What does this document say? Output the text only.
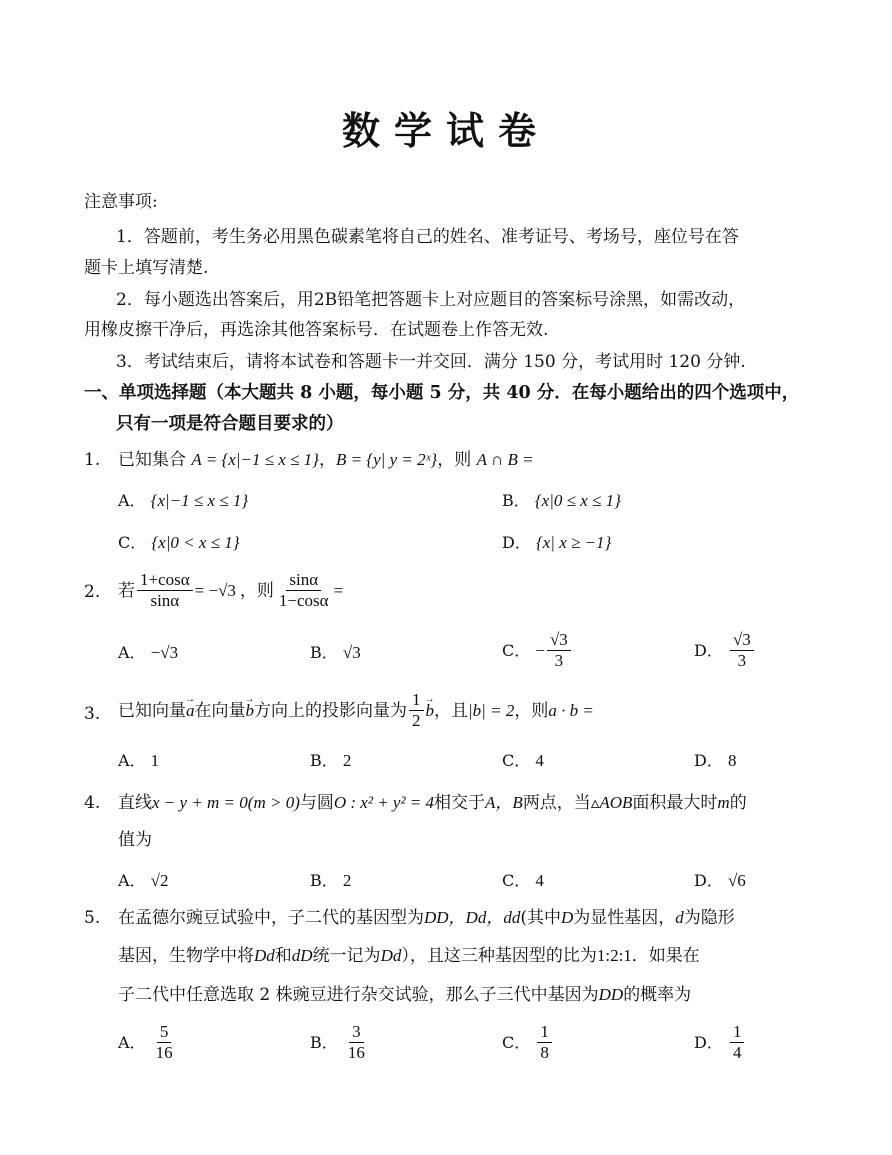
数学试卷
注意事项:
1．答题前，考生务必用黑色碳素笔将自己的姓名、准考证号、考场号，座位号在答
题卡上填写清楚.
2．每小题选出答案后，用2B铅笔把答题卡上对应题目的答案标号涂黑，如需改动，
用橡皮擦干净后，再选涂其他答案标号．在试题卷上作答无效.
3．考试结束后，请将本试卷和答题卡一并交回．满分 150 分，考试用时 120 分钟.
一、单项选择题（本大题共 8 小题，每小题 5 分，共 40 分．在每小题给出的四个选项中，
只有一项是符合题目要求的）
1. 已知集合 A = {x|−1 ≤ x ≤ 1}，B = {y| y = 2ˣ}，则 A ∩ B =
A． {x|−1 ≤ x ≤ 1}	B． {x|0 ≤ x ≤ 1}
C． {x|0 < x ≤ 1}	D． {x| x ≥ −1}
2. 若 $\frac{1+\cos\alpha}{\sin\alpha} = -√3$ ，则 $\frac{\sin\alpha}{1-\cos\alpha}$ =
A． −√3	B． √3	C．
− $\frac{√3}{3}$	D．
$\frac{√3}{3}$
3. 已知向量
→ a 在向量
→ b 方向上的投影向量为 $\frac{1}{2}$
→ b ，且 |b| = 2 ，则 a · b =
A． 1	B． 2	C． 4	D． 8
4. 直线x − y + m = 0(m > 0)与圆O : x² + y² = 4相交于A，B两点，当▵AOB面积最大时m的
值为
A． √2	B． 2	C． 4	D． √6
5. 在孟德尔豌豆试验中，子二代的基因型为DD，Dd，dd(其中D为显性基因，d为隐形
基因，生物学中将Dd和dD统一记为Dd），且这三种基因型的比为1:2:1．如果在
子二代中任意选取 2 株豌豆进行杂交试验，那么子三代中基因为DD的概率为
A．
$\frac{5}{16}$	B．
$\frac{3}{16}$	C．
$\frac{1}{8}$	D．
$\frac{1}{4}$
